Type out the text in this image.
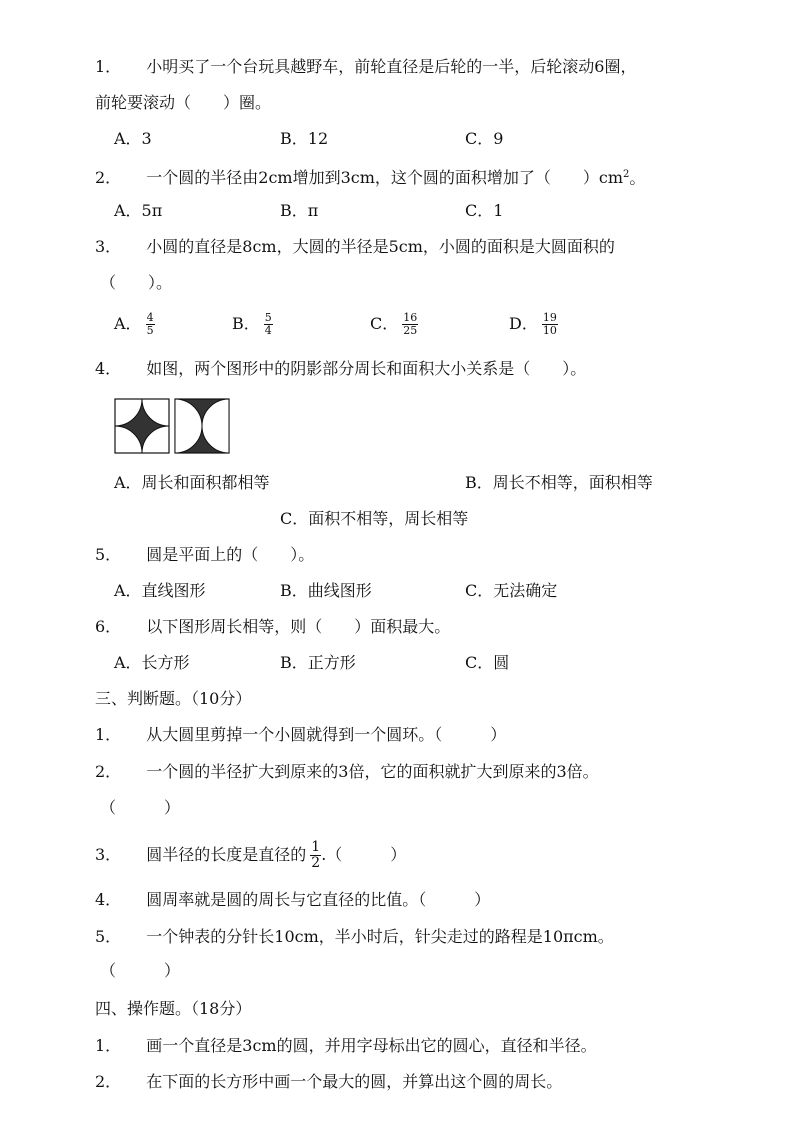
1． 小明买了一个台玩具越野车，前轮直径是后轮的一半，后轮滚动6圈，
前轮要滚动（　　）圈。
A．3	B．12	C．9
2． 一个圆的半径由2cm增加到3cm，这个圆的面积增加了（　　）$cm^2$。
A．5π	B．π	C．1
3． 小圆的直径是8cm，大圆的半径是5cm，小圆的面积是大圆面积的
（　　）。
A． $\frac{4}{5}$	B． $\frac{5}{4}$	C． $\frac{16}{25}$	D． $\frac{19}{10}$
4． 如图，两个图形中的阴影部分周长和面积大小关系是（　　）。
A．周长和面积都相等	B．周长不相等，面积相等
C．面积不相等，周长相等
5． 圆是平面上的（　　）。
A．直线图形	B．曲线图形	C．无法确定
6． 以下图形周长相等，则（　　）面积最大。
A．长方形	B．正方形	C．圆
三、判断题。（10分）
1． 从大圆里剪掉一个小圆就得到一个圆环。（　　　）
2． 一个圆的半径扩大到原来的3倍，它的面积就扩大到原来的3倍。
（　　　）
3． 圆半径的长度是直径的 $\frac{1}{2}$ .（　　　）
4． 圆周率就是圆的周长与它直径的比值。（　　　）
5． 一个钟表的分针长10cm，半小时后，针尖走过的路程是10πcm。
（　　　）
四、操作题。（18分）
1． 画一个直径是3cm的圆，并用字母标出它的圆心，直径和半径。
2． 在下面的长方形中画一个最大的圆，并算出这个圆的周长。
